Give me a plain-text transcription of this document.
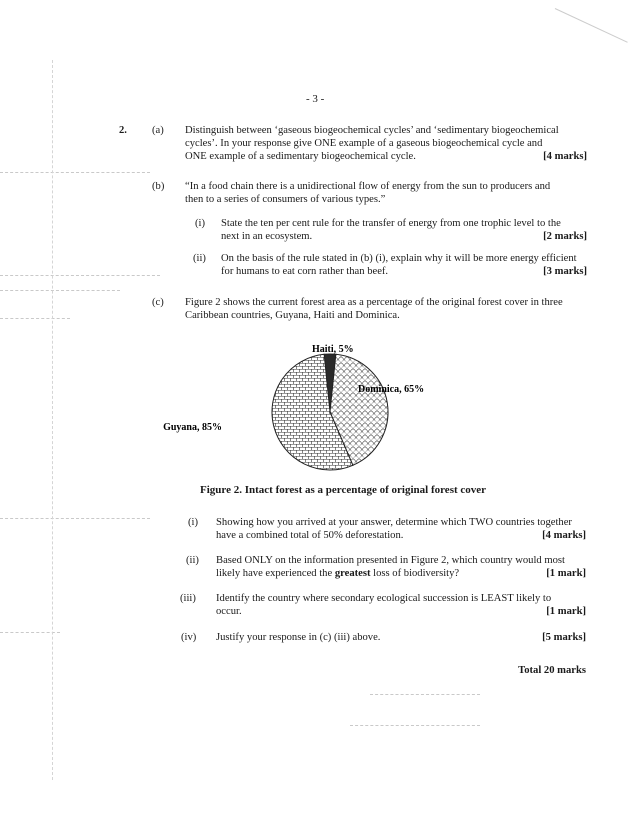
- 3 -
2. (a) Distinguish between ‘gaseous biogeochemical cycles’ and ‘sedimentary biogeochemical
cycles’. In your response give ONE example of a gaseous biogeochemical cycle and
ONE example of a sedimentary biogeochemical cycle.	[4 marks]
(b) “In a food chain there is a unidirectional flow of energy from the sun to producers and
then to a series of consumers of various types.”
(i) State the ten per cent rule for the transfer of energy from one trophic level to the
next in an ecosystem.	[2 marks]
(ii) On the basis of the rule stated in (b) (i), explain why it will be more energy efficient
for humans to eat corn rather than beef.	[3 marks]
(c) Figure 2 shows the current forest area as a percentage of the original forest cover in three
Caribbean countries, Guyana, Haiti and Dominica.
Guyana, 85%
Dominica, 65%
Haiti, 5%
Figure 2. Intact forest as a percentage of original forest cover
(i) Showing how you arrived at your answer, determine which TWO countries together
have a combined total of 50% deforestation.	[4 marks]
(ii) Based ONLY on the information presented in Figure 2, which country would most
likely have experienced the greatest loss of biodiversity?	[1 mark]
(iii) Identify the country where secondary ecological succession is LEAST likely to
occur.	[1 mark]
(iv) Justify your response in (c) (iii) above.	[5 marks]
Total 20 marks
